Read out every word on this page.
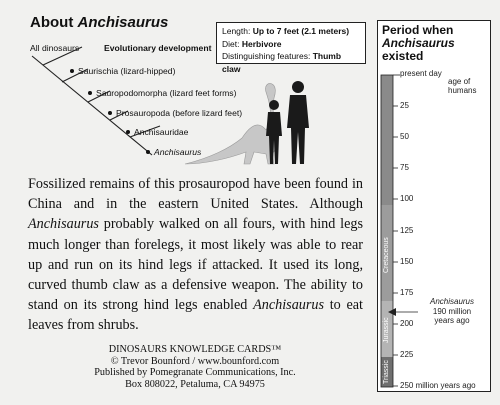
About Anchisaurus
All dinosaurs	Evolutionary development
Saurischia (lizard-hipped)
Sauropodomorpha (lizard feet forms)
Prosauropoda (before lizard feet)
Anchisauridae
Anchisaurus
Length: Up to 7 feet (2.1 meters)
Diet: Herbivore
Distinguishing features: Thumb claw
Period when
Anchisaurus
existed
present day
age of humans
25
50
75
100
125
150
175
200
225
250 million years ago
Cretaceous
Jurassic
Triassic
Anchisaurus
190 million
years ago
Fossilized remains of this prosauropod have been found in China and in the eastern United States. Although Anchisaurus probably walked on all fours, with hind legs much longer than forelegs, it most likely was able to rear up and run on its hind legs if attacked. It used its long, curved thumb claw as a defensive weapon. The ability to stand on its strong hind legs enabled Anchisaurus to eat leaves from shrubs.
DINOSAURS KNOWLEDGE CARDS™
© Trevor Bounford / www.bounford.com
Published by Pomegranate Communications, Inc.
Box 808022, Petaluma, CA 94975
